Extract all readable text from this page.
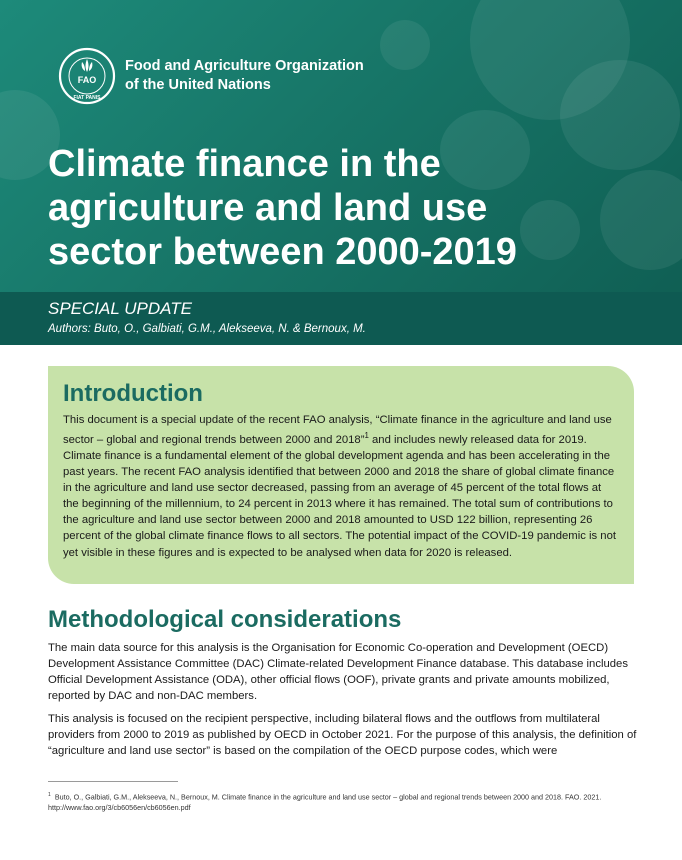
FAO
FIAT PANIS
Food and Agriculture Organization
of the United Nations
Climate finance in the
agriculture and land use
sector between 2000-2019

SPECIAL UPDATE

Authors: Buto, O., Galbiati, G.M., Alekseeva, N. & Bernoux, M.

Introduction

This document is a special update of the recent FAO analysis, “Climate finance in the agriculture and land use sector – global and regional trends between 2000 and 2018”$^1$ and includes newly released data for 2019. Climate finance is a fundamental element of the global development agenda and has been accelerating in the past years. The recent FAO analysis identified that between 2000 and 2018 the share of global climate finance in the agriculture and land use sector decreased, passing from an average of 45 percent of the total flows at the beginning of the millennium, to 24 percent in 2013 where it has remained. The total sum of contributions to the agriculture and land use sector between 2000 and 2018 amounted to USD 122 billion, representing 26 percent of the global climate finance flows to all sectors. The potential impact of the COVID-19 pandemic is not yet visible in these figures and is expected to be analysed when data for 2020 is released.

Methodological considerations

The main data source for this analysis is the Organisation for Economic Co-operation and Development (OECD) Development Assistance Committee (DAC) Climate-related Development Finance database. This database includes Official Development Assistance (ODA), other official flows (OOF), private grants and private amounts mobilized, reported by DAC and non-DAC members.

This analysis is focused on the recipient perspective, including bilateral flows and the outflows from multilateral providers from 2000 to 2019 as published by OECD in October 2021. For the purpose of this analysis, the definition of “agriculture and land use sector” is based on the compilation of the OECD purpose codes, which were

$^1$ Buto, O., Galbiati, G.M., Alekseeva, N., Bernoux, M. Climate finance in the agriculture and land use sector – global and regional trends between 2000 and 2018. FAO. 2021. http://www.fao.org/3/cb6056en/cb6056en.pdf
